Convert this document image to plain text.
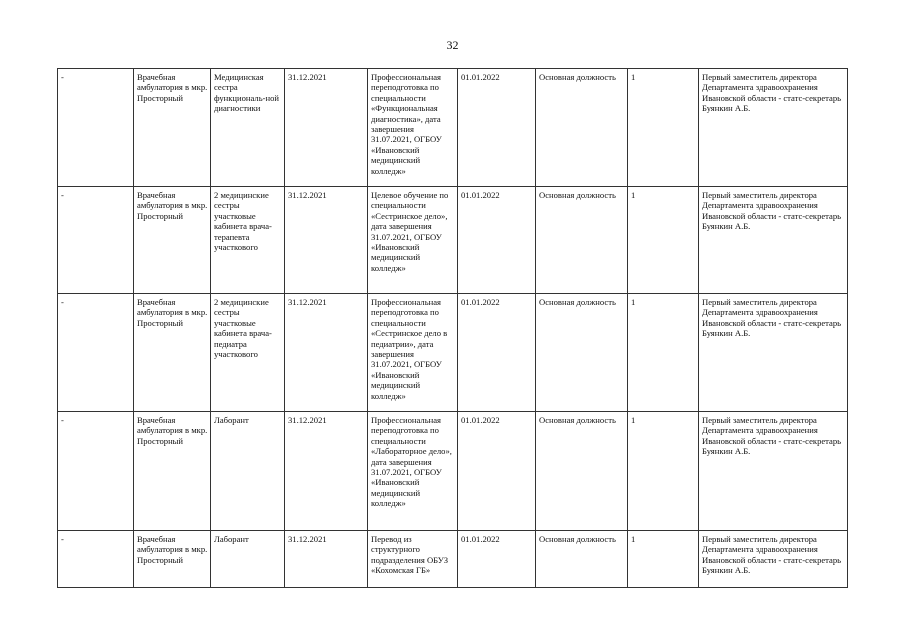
32
-	Врачебная амбулатория в мкр. Просторный	Медицинская сестра функциональ-ной диагностики	31.12.2021	Профессиональная переподготовка по специальности «Функциональная диагностика», дата завершения 31.07.2021, ОГБОУ «Ивановский медицинский колледж»	01.01.2022	Основная должность	1	Первый заместитель директора Департамента здравоохранения Ивановской области - статс-секретарь Буянкин А.Б.
-	Врачебная амбулатория в мкр. Просторный	2 медицинские сестры участковые кабинета врача-терапевта участкового	31.12.2021	Целевое обучение по специальности «Сестринское дело», дата завершения 31.07.2021, ОГБОУ «Ивановский медицинский колледж»	01.01.2022	Основная должность	1	Первый заместитель директора Департамента здравоохранения Ивановской области - статс-секретарь Буянкин А.Б.
-	Врачебная амбулатория в мкр. Просторный	2 медицинские сестры участковые кабинета врача-педиатра участкового	31.12.2021	Профессиональная переподготовка по специальности «Сестринское дело в педиатрии», дата завершения 31.07.2021, ОГБОУ «Ивановский медицинский колледж»	01.01.2022	Основная должность	1	Первый заместитель директора Департамента здравоохранения Ивановской области - статс-секретарь Буянкин А.Б.
-	Врачебная амбулатория в мкр. Просторный	Лаборант	31.12.2021	Профессиональная переподготовка по специальности «Лабораторное дело», дата завершения 31.07.2021, ОГБОУ «Ивановский медицинский колледж»	01.01.2022	Основная должность	1	Первый заместитель директора Департамента здравоохранения Ивановской области - статс-секретарь Буянкин А.Б.
-	Врачебная амбулатория в мкр. Просторный	Лаборант	31.12.2021	Перевод из структурного подразделения ОБУЗ «Кохомская ГБ»	01.01.2022	Основная должность	1	Первый заместитель директора Департамента здравоохранения Ивановской области - статс-секретарь Буянкин А.Б.
